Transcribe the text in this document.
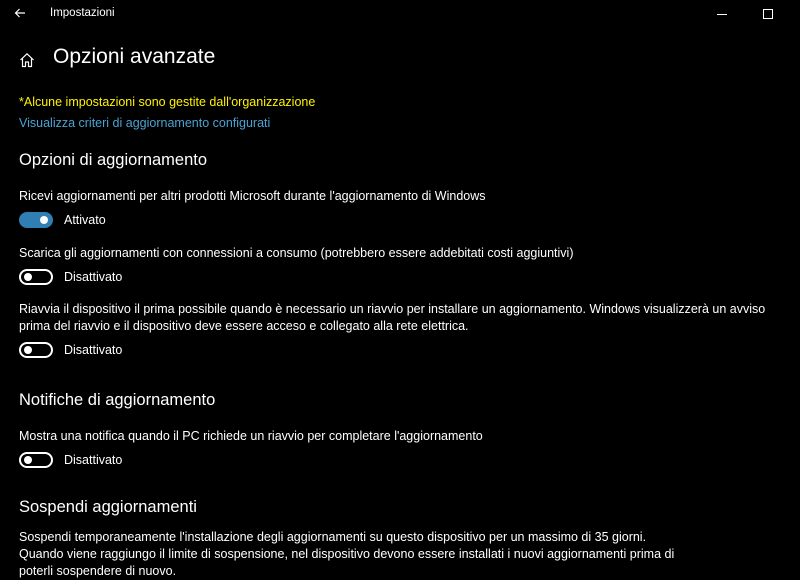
Impostazioni
Opzioni avanzate
*Alcune impostazioni sono gestite dall'organizzazione
Visualizza criteri di aggiornamento configurati
Opzioni di aggiornamento
Ricevi aggiornamenti per altri prodotti Microsoft durante l'aggiornamento di Windows
Attivato
Scarica gli aggiornamenti con connessioni a consumo (potrebbero essere addebitati costi aggiuntivi)
Disattivato
Riavvia il dispositivo il prima possibile quando è necessario un riavvio per installare un aggiornamento. Windows visualizzerà un avviso prima del riavvio e il dispositivo deve essere acceso e collegato alla rete elettrica.
Disattivato
Notifiche di aggiornamento
Mostra una notifica quando il PC richiede un riavvio per completare l'aggiornamento
Disattivato
Sospendi aggiornamenti
Sospendi temporaneamente l'installazione degli aggiornamenti su questo dispositivo per un massimo di 35 giorni.
Quando viene raggiungo il limite di sospensione, nel dispositivo devono essere installati i nuovi aggiornamenti prima di
poterli sospendere di nuovo.
